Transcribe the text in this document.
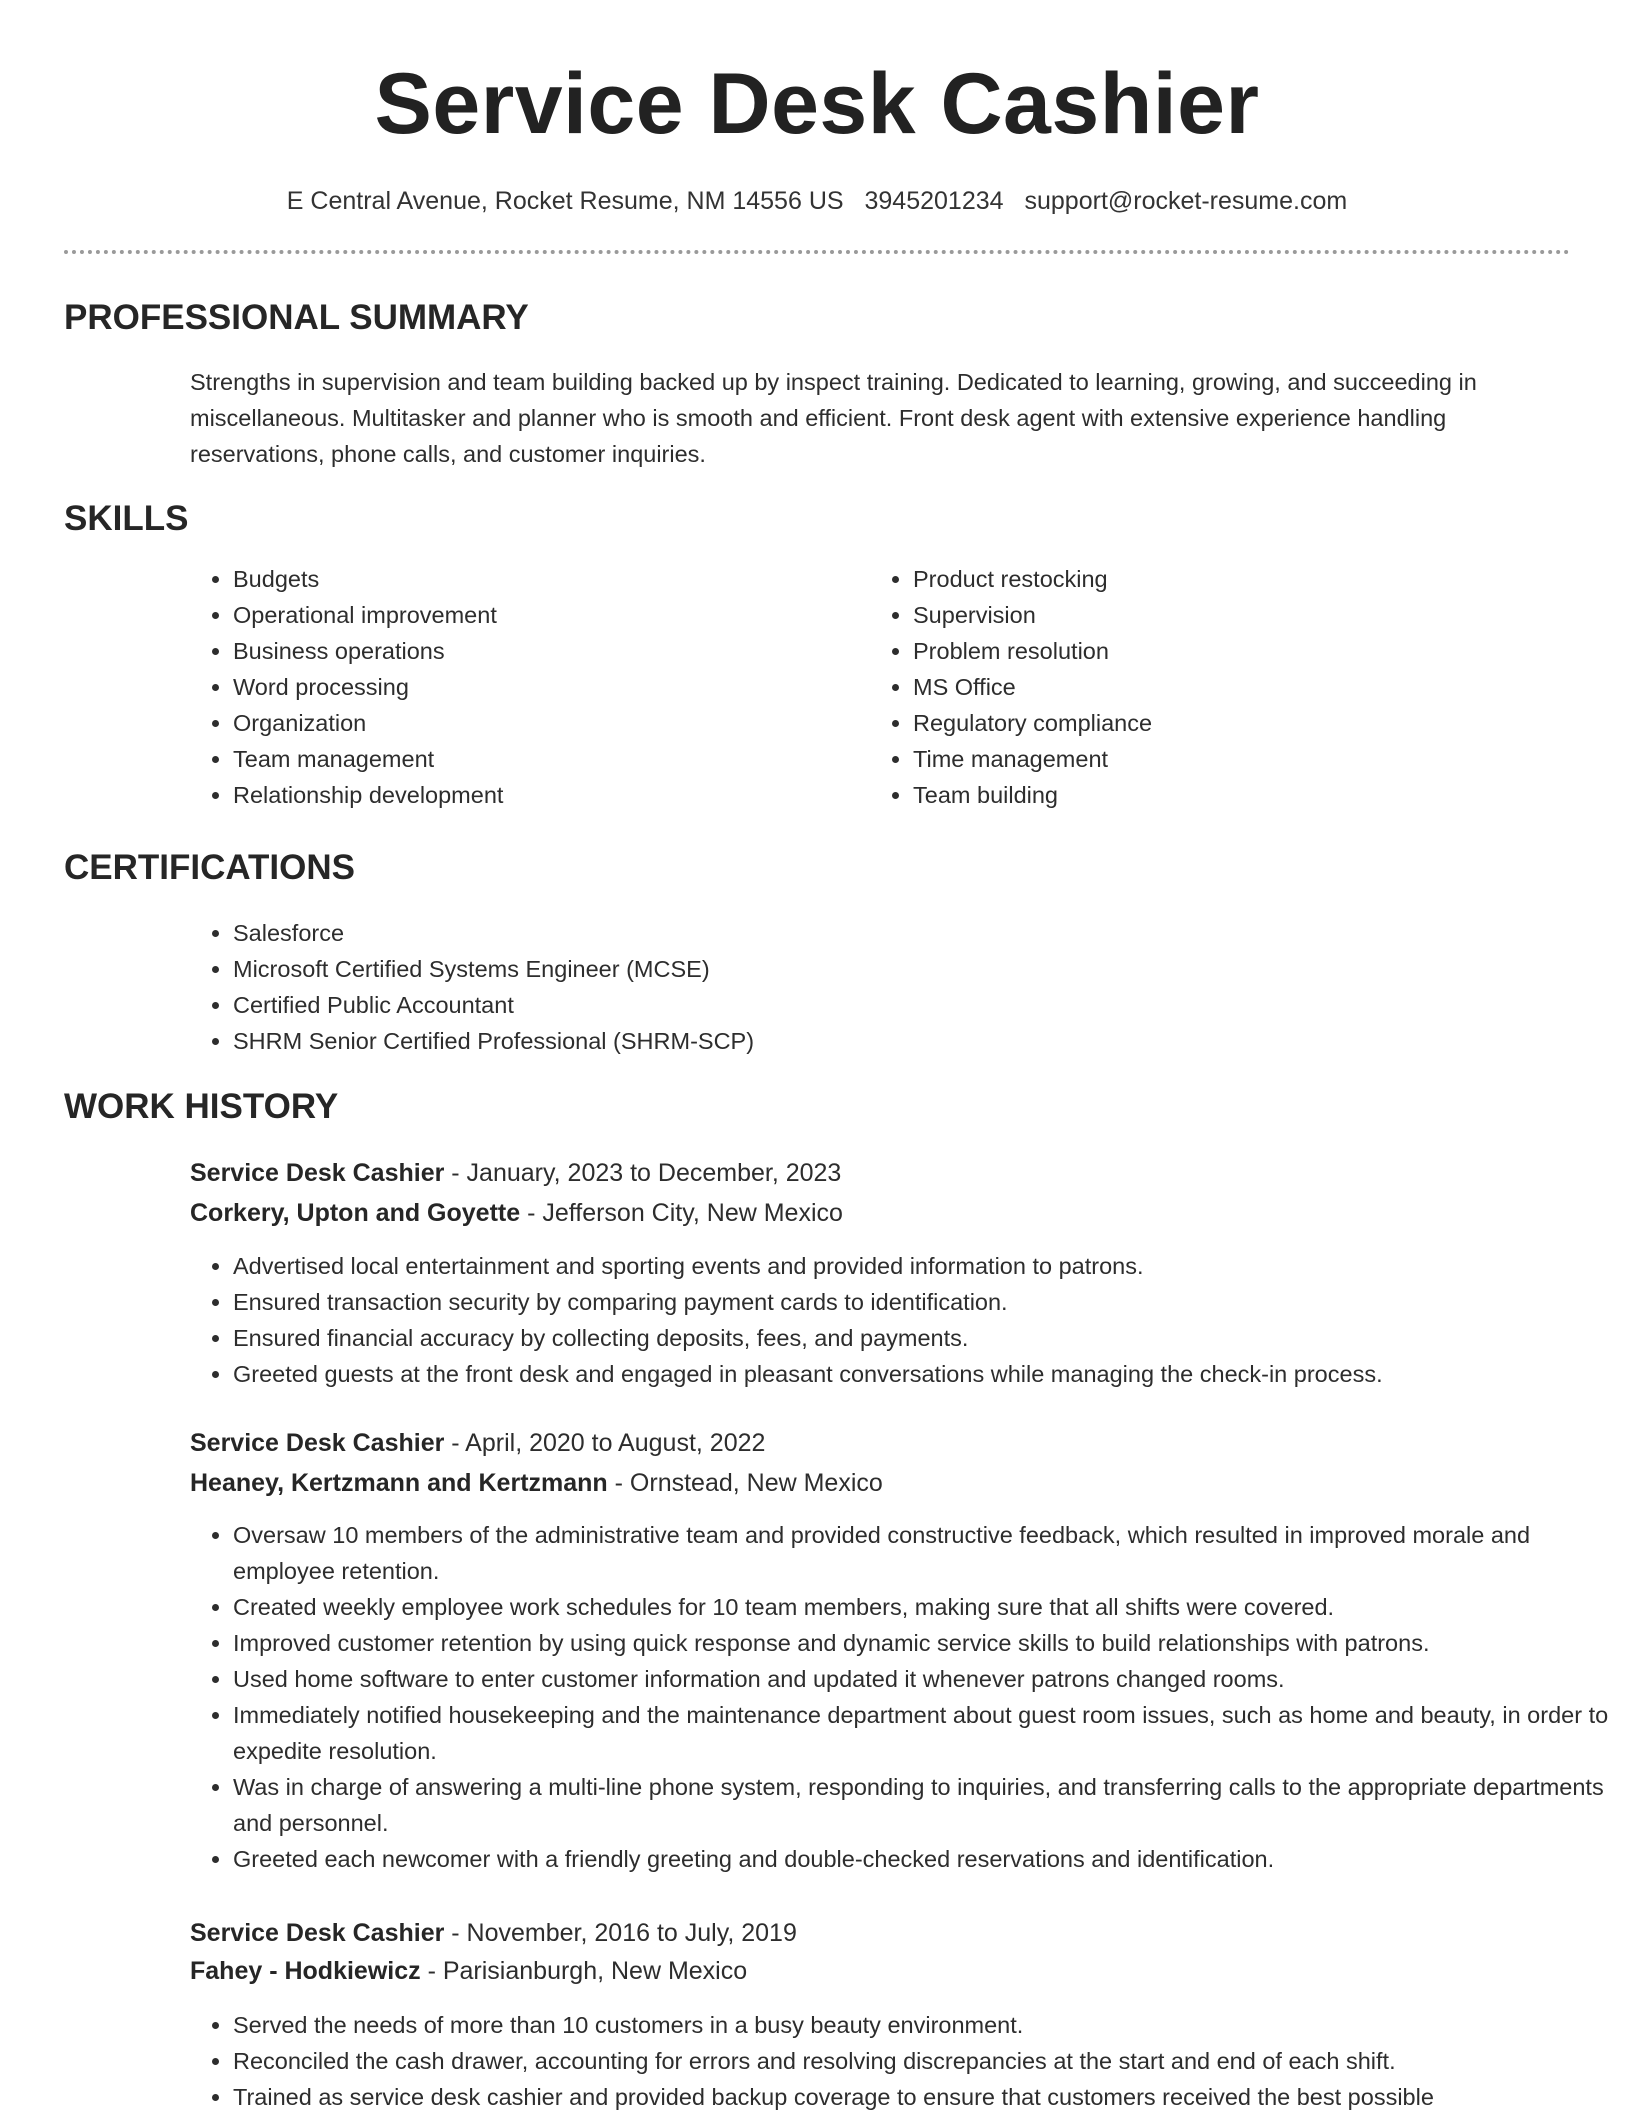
Service Desk Cashier
E Central Avenue, Rocket Resume, NM 14556 US 3945201234 support@rocket-resume.com
PROFESSIONAL SUMMARY

Strengths in supervision and team building backed up by inspect training. Dedicated to learning, growing, and succeeding in miscellaneous. Multitasker and planner who is smooth and efficient. Front desk agent with extensive experience handling reservations, phone calls, and customer inquiries.

SKILLS
• Budgets
• Operational improvement
• Business operations
• Word processing
• Organization
• Team management
• Relationship development
• Product restocking
• Supervision
• Problem resolution
• MS Office
• Regulatory compliance
• Time management
• Team building
CERTIFICATIONS
• Salesforce
• Microsoft Certified Systems Engineer (MCSE)
• Certified Public Accountant
• SHRM Senior Certified Professional (SHRM-SCP)
WORK HISTORY
Service Desk Cashier - January, 2023 to December, 2023
Corkery, Upton and Goyette - Jefferson City, New Mexico
• Advertised local entertainment and sporting events and provided information to patrons.
• Ensured transaction security by comparing payment cards to identification.
• Ensured financial accuracy by collecting deposits, fees, and payments.
• Greeted guests at the front desk and engaged in pleasant conversations while managing the check-in process.
Service Desk Cashier - April, 2020 to August, 2022
Heaney, Kertzmann and Kertzmann - Ornstead, New Mexico
• Oversaw 10 members of the administrative team and provided constructive feedback, which resulted in improved morale and employee retention.
• Created weekly employee work schedules for 10 team members, making sure that all shifts were covered.
• Improved customer retention by using quick response and dynamic service skills to build relationships with patrons.
• Used home software to enter customer information and updated it whenever patrons changed rooms.
• Immediately notified housekeeping and the maintenance department about guest room issues, such as home and beauty, in order to expedite resolution.
• Was in charge of answering a multi-line phone system, responding to inquiries, and transferring calls to the appropriate departments and personnel.
• Greeted each newcomer with a friendly greeting and double-checked reservations and identification.
Service Desk Cashier - November, 2016 to July, 2019
Fahey - Hodkiewicz - Parisianburgh, New Mexico
• Served the needs of more than 10 customers in a busy beauty environment.
• Reconciled the cash drawer, accounting for errors and resolving discrepancies at the start and end of each shift.
• Trained as service desk cashier and provided backup coverage to ensure that customers received the best possible
